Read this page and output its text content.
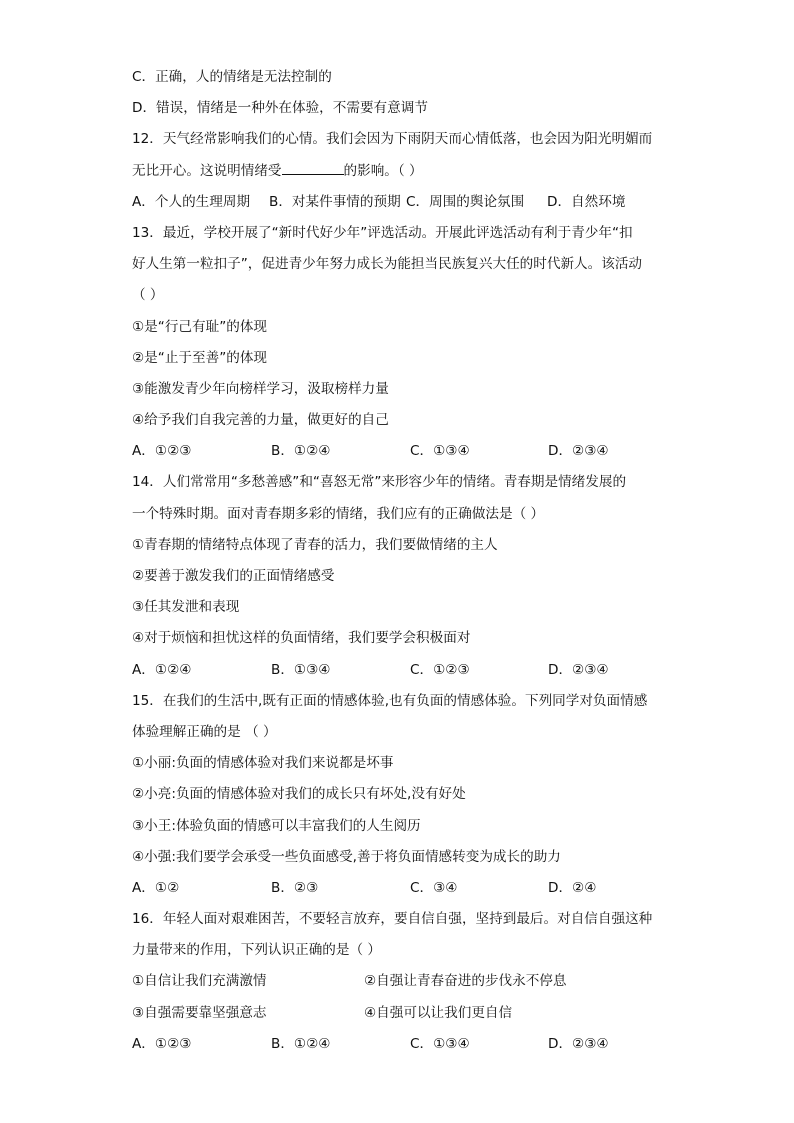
C．正确，人的情绪是无法控制的
D．错误，情绪是一种外在体验，不需要有意调节
12．天气经常影响我们的心情。我们会因为下雨阴天而心情低落，也会因为阳光明媚而
无比开心。这说明情绪受	的影响。（ ）
A．个人的生理周期 B．对某件事情的预期 C．周围的舆论氛围 D．自然环境
13．最近，学校开展了“新时代好少年”评选活动。开展此评选活动有利于青少年“扣
好人生第一粒扣子”，促进青少年努力成长为能担当民族复兴大任的时代新人。该活动
（ ）
①是“行己有耻”的体现
②是“止于至善”的体现
③能激发青少年向榜样学习，汲取榜样力量
④给予我们自我完善的力量，做更好的自己
A．①②③	B．①②④	C．①③④	D．②③④
14．人们常常用“多愁善感”和“喜怒无常”来形容少年的情绪。青春期是情绪发展的
一个特殊时期。面对青春期多彩的情绪，我们应有的正确做法是（ ）
①青春期的情绪特点体现了青春的活力，我们要做情绪的主人
②要善于激发我们的正面情绪感受
③任其发泄和表现
④对于烦恼和担忧这样的负面情绪，我们要学会积极面对
A．①②④	B．①③④	C．①②③	D．②③④
15．在我们的生活中,既有正面的情感体验,也有负面的情感体验。下列同学对负面情感
体验理解正确的是 （ ）
①小丽:负面的情感体验对我们来说都是坏事
②小亮:负面的情感体验对我们的成长只有坏处,没有好处
③小王:体验负面的情感可以丰富我们的人生阅历
④小强:我们要学会承受一些负面感受,善于将负面情感转变为成长的助力
A．①②	B．②③	C．③④	D．②④
16．年轻人面对艰难困苦，不要轻言放弃，要自信自强，坚持到最后。对自信自强这种
力量带来的作用，下列认识正确的是（ ）
①自信让我们充满激情	②自强让青春奋进的步伐永不停息
③自强需要靠坚强意志	④自强可以让我们更自信
A．①②③	B．①②④	C．①③④	D．②③④
